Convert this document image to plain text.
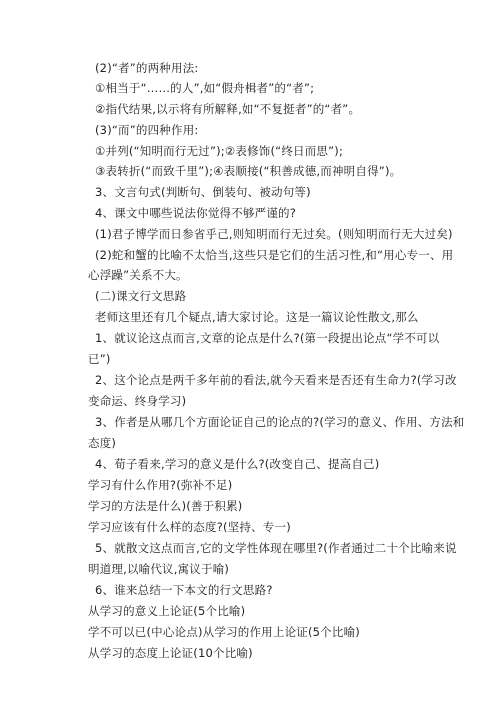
(2)“者”的两种用法:
①相当于“……的人”,如“假舟楫者”的“者”;
②指代结果,以示将有所解释,如“不复挺者”的“者”。
(3)“而”的四种作用:
①并列(“知明而行无过”);②表修饰(“终日而思”);
③表转折(“而致千里”);④表顺接(“积善成德,而神明自得”)。
3、文言句式(判断句、倒装句、被动句等)
4、课文中哪些说法你觉得不够严谨的?
(1)君子博学而日参省乎己,则知明而行无过矣。(则知明而行无大过矣)
(2)蛇和蟹的比喻不太恰当,这些只是它们的生活习性,和“用心专一、用
心浮躁”关系不大。
(二)课文行文思路
老师这里还有几个疑点,请大家讨论。这是一篇议论性散文,那么
1、就议论这点而言,文章的论点是什么?(第一段提出论点“学不可以
已”)
2、这个论点是两千多年前的看法,就今天看来是否还有生命力?(学习改
变命运、终身学习)
3、作者是从哪几个方面论证自己的论点的?(学习的意义、作用、方法和
态度)
4、荀子看来,学习的意义是什么?(改变自己、提高自己)
学习有什么作用?(弥补不足)
学习的方法是什么)(善于积累)
学习应该有什么样的态度?(坚持、专一)
5、就散文这点而言,它的文学性体现在哪里?(作者通过二十个比喻来说
明道理,以喻代议,寓议于喻)
6、谁来总结一下本文的行文思路?
从学习的意义上论证(5个比喻)
学不可以已(中心论点)从学习的作用上论证(5个比喻)
从学习的态度上论证(10个比喻)
